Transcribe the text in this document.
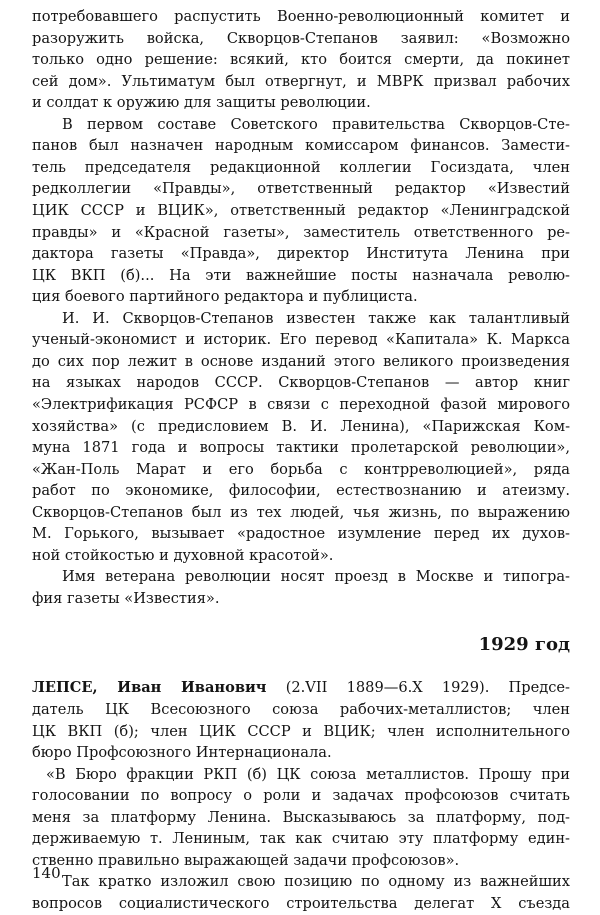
потребовавшего распустить Военно-революционный комитет и
разоружить войска, Скворцов-Степанов заявил: «Возможно
только одно решение: всякий, кто боится смерти, да покинет
сей дом». Ультиматум был отвергнут, и МВРК призвал рабочих
и солдат к оружию для защиты революции.
В первом составе Советского правительства Скворцов-Сте-
панов был назначен народным комиссаром финансов. Замести-
тель председателя редакционной коллегии Госиздата, член
редколлегии «Правды», ответственный редактор «Известий
ЦИК СССР и ВЦИК», ответственный редактор «Ленинградской
правды» и «Красной газеты», заместитель ответственного ре-
дактора газеты «Правда», директор Института Ленина при
ЦК ВКП (б)... На эти важнейшие посты назначала револю-
ция боевого партийного редактора и публициста.
И. И. Скворцов-Степанов известен также как талантливый
ученый-экономист и историк. Его перевод «Капитала» К. Маркса
до сих пор лежит в основе изданий этого великого произведения
на языках народов СССР. Скворцов-Степанов — автор книг
«Электрификация РСФСР в связи с переходной фазой мирового
хозяйства» (с предисловием В. И. Ленина), «Парижская Ком-
муна 1871 года и вопросы тактики пролетарской революции»,
«Жан-Поль Марат и его борьба с контрреволюцией», ряда
работ по экономике, философии, естествознанию и атеизму.
Скворцов-Степанов был из тех людей, чья жизнь, по выражению
М. Горького, вызывает «радостное изумление перед их духов-
ной стойкостью и духовной красотой».
Имя ветерана революции носят проезд в Москве и типогра-
фия газеты «Известия».
1929 год
ЛЕПСЕ, Иван Иванович (2.VII 1889—6.X 1929). Предсе-
датель ЦК Всесоюзного союза рабочих-металлистов; член
ЦК ВКП (б); член ЦИК СССР и ВЦИК; член исполнительного
бюро Профсоюзного Интернационала.
140
«В Бюро фракции РКП (б) ЦК союза металлистов. Прошу при
голосовании по вопросу о роли и задачах профсоюзов считать
меня за платформу Ленина. Высказываюсь за платформу, под-
держиваемую т. Лениным, так как считаю эту платформу един-
ственно правильно выражающей задачи профсоюзов».
Так кратко изложил свою позицию по одному из важнейших
вопросов социалистического строительства делегат X съезда
